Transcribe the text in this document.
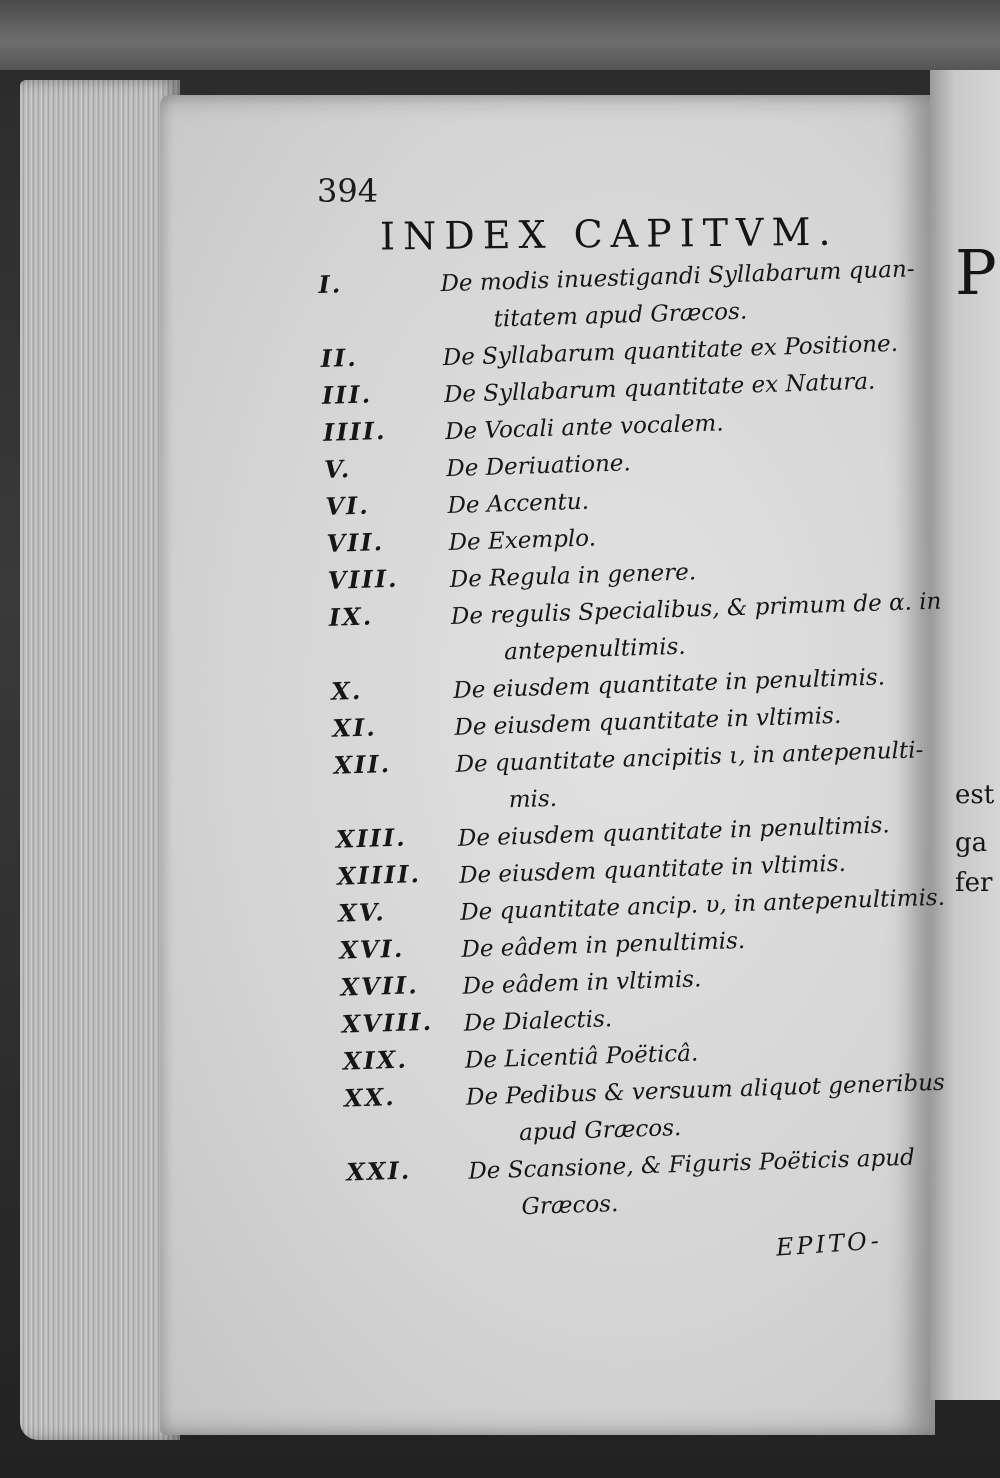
394
INDEX CAPITVM.
I.	De modis inuestigandi Syllabarum quan-
titatem apud Græcos.
II.	De Syllabarum quantitate ex Positione.
III.	De Syllabarum quantitate ex Natura.
IIII.	De Vocali ante vocalem.
V.	De Deriuatione.
VI.	De Accentu.
VII.	De Exemplo.
VIII.	De Regula in genere.
IX.	De regulis Specialibus, & primum de α. in
antepenultimis.
X.	De eiusdem quantitate in penultimis.
XI.	De eiusdem quantitate in vltimis.
XII.	De quantitate ancipitis ι, in antepenulti-
mis.
XIII.	De eiusdem quantitate in penultimis.
XIIII.	De eiusdem quantitate in vltimis.
XV.	De quantitate ancip. υ, in antepenultimis.
XVI.	De eâdem in penultimis.
XVII.	De eâdem in vltimis.
XVIII.	De Dialectis.
XIX.	De Licentiâ Poëticâ.
XX.	De Pedibus & versuum aliquot generibus
apud Græcos.
XXI.	De Scansione, & Figuris Poëticis apud
Græcos.
EPITO-
P
est
ga
fer
